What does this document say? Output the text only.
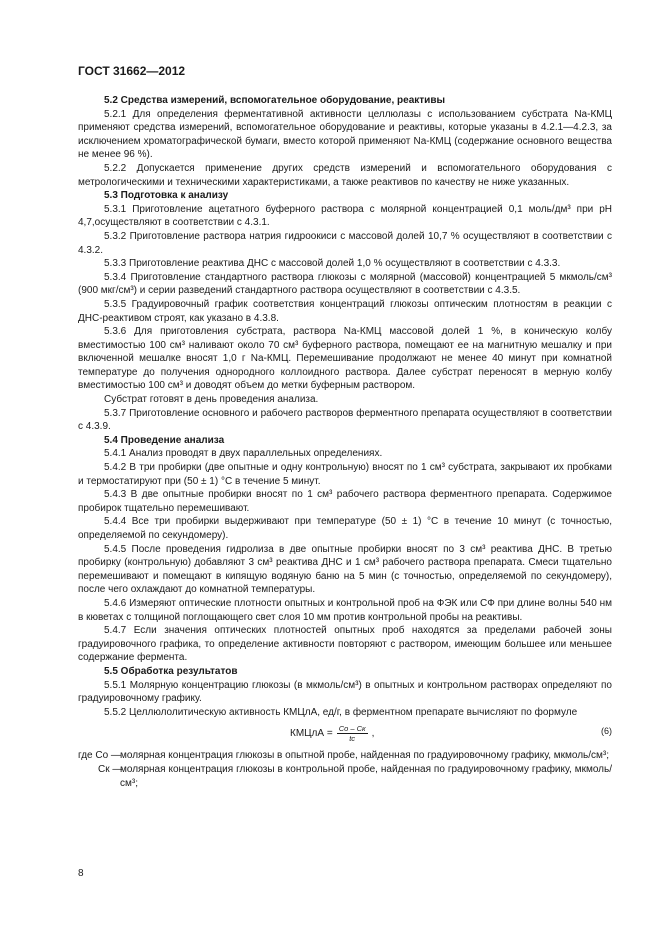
ГОСТ 31662—2012
5.2 Средства измерений, вспомогательное оборудование, реактивы

5.2.1 Для определения ферментативной активности целлюлазы с использованием субстрата Na-КМЦ применяют средства измерений, вспомогательное оборудование и реактивы, которые указаны в 4.2.1—4.2.3, за исключением хроматографической бумаги, вместо которой применяют Na-КМЦ (содержание основного вещества не менее 96 %).

5.2.2 Допускается применение других средств измерений и вспомогательного оборудования с метрологическими и техническими характеристиками, а также реактивов по качеству не ниже указанных.

5.3 Подготовка к анализу

5.3.1 Приготовление ацетатного буферного раствора с молярной концентрацией 0,1 моль/дм³ при pH 4,7,осуществляют в соответствии с 4.3.1.

5.3.2 Приготовление раствора натрия гидроокиси с массовой долей 10,7 % осуществляют в соответствии с 4.3.2.

5.3.3 Приготовление реактива ДНС с массовой долей 1,0 % осуществляют в соответствии с 4.3.3.

5.3.4 Приготовление стандартного раствора глюкозы с молярной (массовой) концентрацией 5 мкмоль/см³ (900 мкг/см³) и серии разведений стандартного раствора осуществляют в соответствии с 4.3.5.

5.3.5 Градуировочный график соответствия концентраций глюкозы оптическим плотностям в реакции с ДНС-реактивом строят, как указано в 4.3.8.

5.3.6 Для приготовления субстрата, раствора Na-КМЦ массовой долей 1 %, в коническую колбу вместимостью 100 см³ наливают около 70 см³ буферного раствора, помещают ее на магнитную мешалку и при включенной мешалке вносят 1,0 г Na-КМЦ. Перемешивание продолжают не менее 40 минут при комнатной температуре до получения однородного коллоидного раствора. Далее субстрат переносят в мерную колбу вместимостью 100 см³ и доводят объем до метки буферным раствором.

Субстрат готовят в день проведения анализа.

5.3.7 Приготовление основного и рабочего растворов ферментного препарата осуществляют в соответствии с 4.3.9.

5.4 Проведение анализа

5.4.1 Анализ проводят в двух параллельных определениях.

5.4.2 В три пробирки (две опытные и одну контрольную) вносят по 1 см³ субстрата, закрывают их пробками и термостатируют при (50 ± 1) °С в течение 5 минут.

5.4.3 В две опытные пробирки вносят по 1 см³ рабочего раствора ферментного препарата. Содержимое пробирок тщательно перемешивают.

5.4.4 Все три пробирки выдерживают при температуре (50 ± 1) °С в течение 10 минут (с точностью, определяемой по секундомеру).

5.4.5 После проведения гидролиза в две опытные пробирки вносят по 3 см³ реактива ДНС. В третью пробирку (контрольную) добавляют 3 см³ реактива ДНС и 1 см³ рабочего раствора препарата. Смеси тщательно перемешивают и помещают в кипящую водяную баню на 5 мин (с точностью, определяемой по секундомеру), после чего охлаждают до комнатной температуры.

5.4.6 Измеряют оптические плотности опытных и контрольной проб на ФЭК или СФ при длине волны 540 нм в кюветах с толщиной поглощающего свет слоя 10 мм против контрольной пробы на реактивы.

5.4.7 Если значения оптических плотностей опытных проб находятся за пределами рабочей зоны градуировочного графика, то определение активности повторяют с раствором, имеющим большее или меньшее содержание фермента.

5.5 Обработка результатов

5.5.1 Молярную концентрацию глюкозы (в мкмоль/см³) в опытных и контрольном растворах определяют по градуировочному графику.

5.5.2 Целлюлолитическую активность КМЦлА, ед/г, в ферментном препарате вычисляют по формуле

КМЦлА = $\frac{Cо - Cк}{tc}$ ,	(6)
где Cо — молярная концентрация глюкозы в опытной пробе, найденная по градуировочному графику, мкмоль/см³;
Cк —
молярная концентрация глюкозы в контрольной пробе, найденная по градуировочному графику, мкмоль/см³;
8
